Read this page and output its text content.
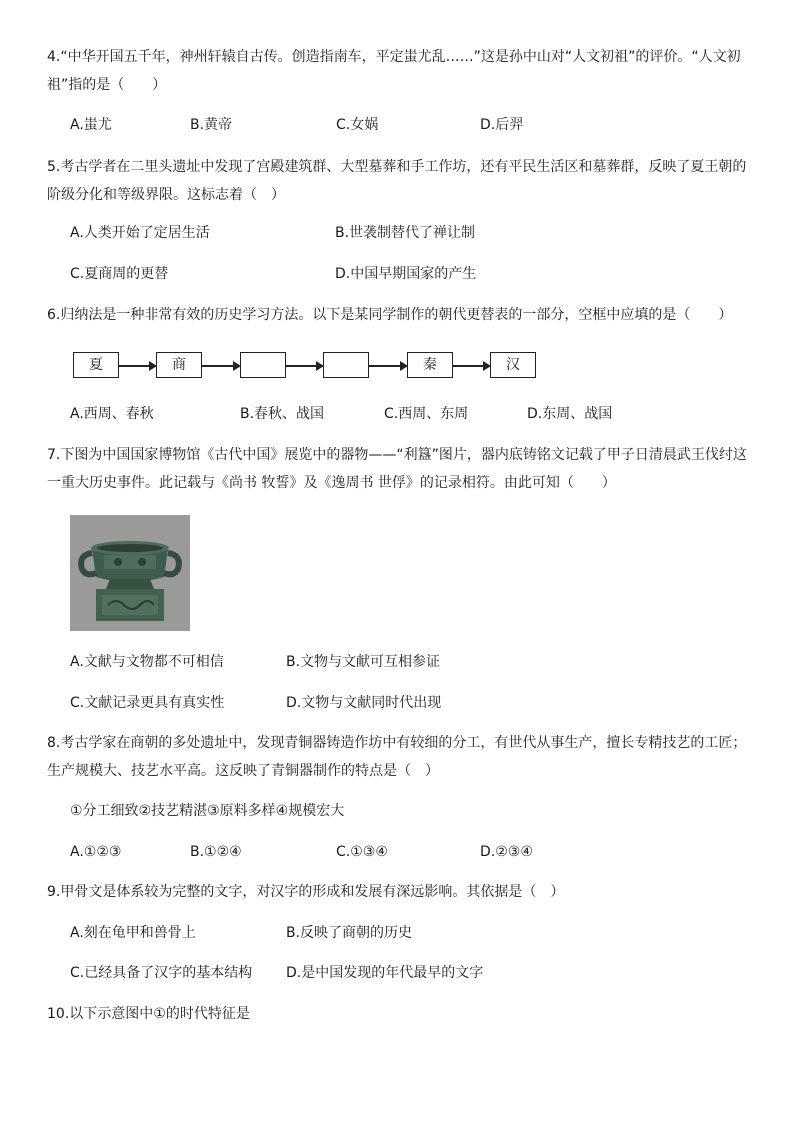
4.“中华开国五千年，神州轩辕自古传。创造指南车，平定蚩尤乱……”这是孙中山对“人文初祖”的评价。“人文初祖”指的是（　　）
A.蚩尤	B.黄帝	C.女娲	D.后羿
5.考古学者在二里头遗址中发现了宫殿建筑群、大型墓葬和手工作坊，还有平民生活区和墓葬群，反映了夏王朝的阶级分化和等级界限。这标志着（　）
A.人类开始了定居生活	B.世袭制替代了禅让制
C.夏商周的更替	D.中国早期国家的产生
6.归纳法是一种非常有效的历史学习方法。以下是某同学制作的朝代更替表的一部分，空框中应填的是（　　）
夏	商	秦	汉
A.西周、春秋	B.春秋、战国	C.西周、东周	D.东周、战国
7.下图为中国国家博物馆《古代中国》展览中的器物——“利簋”图片，器内底铸铭文记载了甲子日清晨武王伐纣这一重大历史事件。此记载与《尚书 牧誓》及《逸周书 世俘》的记录相符。由此可知（　　）
A.文献与文物都不可相信	B.文物与文献可互相参证
C.文献记录更具有真实性	D.文物与文献同时代出现
8.考古学家在商朝的多处遗址中，发现青铜器铸造作坊中有较细的分工，有世代从事生产，擅长专精技艺的工匠；生产规模大、技艺水平高。这反映了青铜器制作的特点是（　）
①分工细致②技艺精湛③原料多样④规模宏大
A.①②③	B.①②④	C.①③④	D.②③④
9.甲骨文是体系较为完整的文字，对汉字的形成和发展有深远影响。其依据是（　）
A.刻在龟甲和兽骨上	B.反映了商朝的历史
C.已经具备了汉字的基本结构 D.是中国发现的年代最早的文字
10.以下示意图中①的时代特征是
